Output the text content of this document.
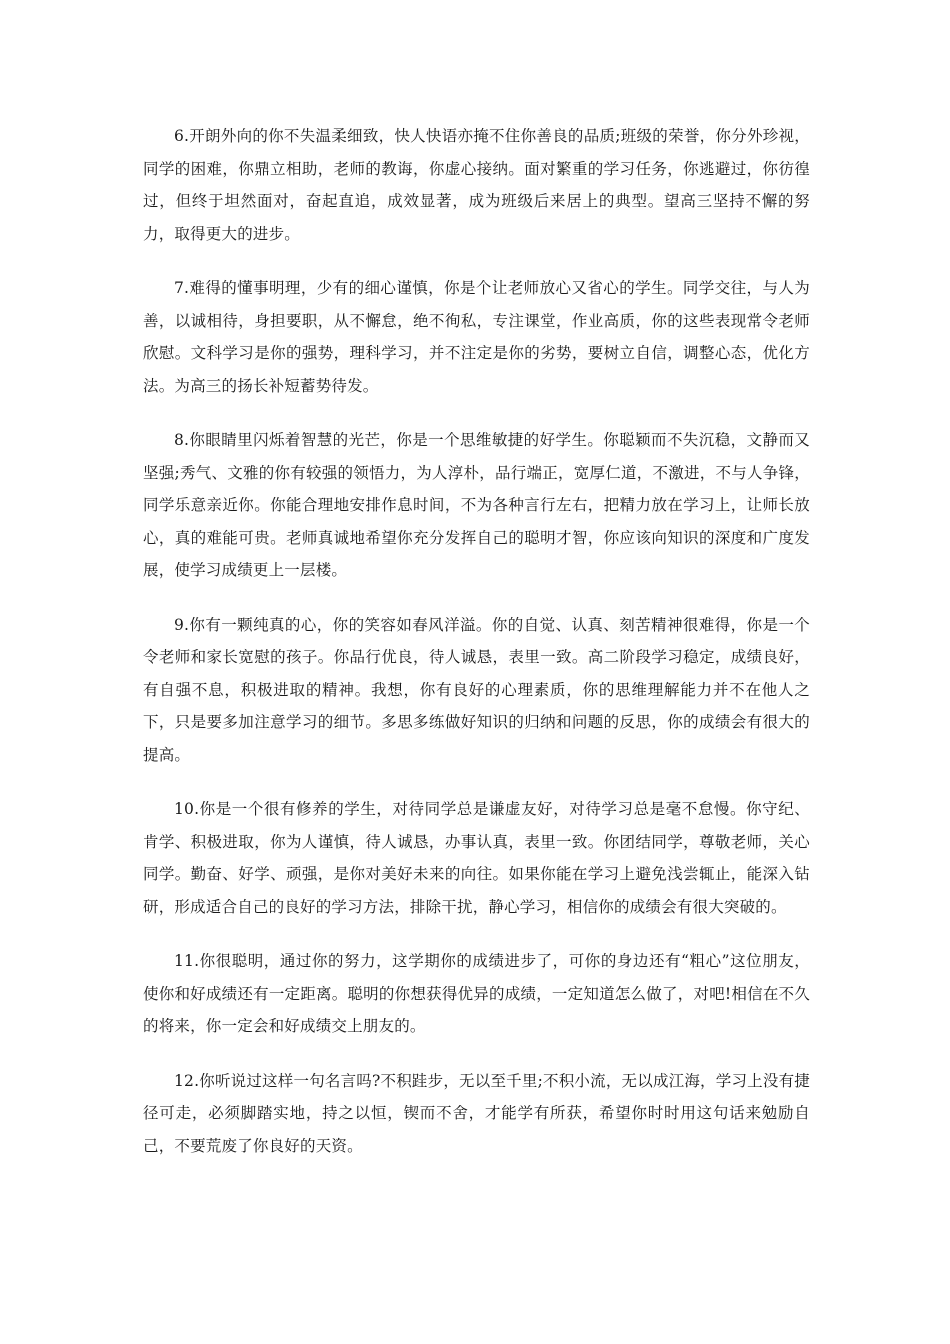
6.开朗外向的你不失温柔细致，快人快语亦掩不住你善良的品质;班级的荣誉，你分外珍视，同学的困难，你鼎立相助，老师的教诲，你虚心接纳。面对繁重的学习任务，你逃避过，你彷徨过，但终于坦然面对，奋起直追，成效显著，成为班级后来居上的典型。望高三坚持不懈的努力，取得更大的进步。

7.难得的懂事明理，少有的细心谨慎，你是个让老师放心又省心的学生。同学交往，与人为善，以诚相待，身担要职，从不懈怠，绝不徇私，专注课堂，作业高质，你的这些表现常令老师欣慰。文科学习是你的强势，理科学习，并不注定是你的劣势，要树立自信，调整心态，优化方法。为高三的扬长补短蓄势待发。

8.你眼睛里闪烁着智慧的光芒，你是一个思维敏捷的好学生。你聪颖而不失沉稳，文静而又坚强;秀气、文雅的你有较强的领悟力，为人淳朴，品行端正，宽厚仁道，不激进，不与人争锋，同学乐意亲近你。你能合理地安排作息时间，不为各种言行左右，把精力放在学习上，让师长放心，真的难能可贵。老师真诚地希望你充分发挥自己的聪明才智，你应该向知识的深度和广度发展，使学习成绩更上一层楼。

9.你有一颗纯真的心，你的笑容如春风洋溢。你的自觉、认真、刻苦精神很难得，你是一个令老师和家长宽慰的孩子。你品行优良，待人诚恳，表里一致。高二阶段学习稳定，成绩良好，有自强不息，积极进取的精神。我想，你有良好的心理素质，你的思维理解能力并不在他人之下，只是要多加注意学习的细节。多思多练做好知识的归纳和问题的反思，你的成绩会有很大的提高。

10.你是一个很有修养的学生，对待同学总是谦虚友好，对待学习总是毫不怠慢。你守纪、肯学、积极进取，你为人谨慎，待人诚恳，办事认真，表里一致。你团结同学，尊敬老师，关心同学。勤奋、好学、顽强，是你对美好未来的向往。如果你能在学习上避免浅尝辄止，能深入钻研，形成适合自己的良好的学习方法，排除干扰，静心学习，相信你的成绩会有很大突破的。

11.你很聪明，通过你的努力，这学期你的成绩进步了，可你的身边还有“粗心”这位朋友，使你和好成绩还有一定距离。聪明的你想获得优异的成绩，一定知道怎么做了，对吧!相信在不久的将来，你一定会和好成绩交上朋友的。

12.你听说过这样一句名言吗?不积跬步，无以至千里;不积小流，无以成江海，学习上没有捷径可走，必须脚踏实地，持之以恒，锲而不舍，才能学有所获，希望你时时用这句话来勉励自己，不要荒废了你良好的天资。
